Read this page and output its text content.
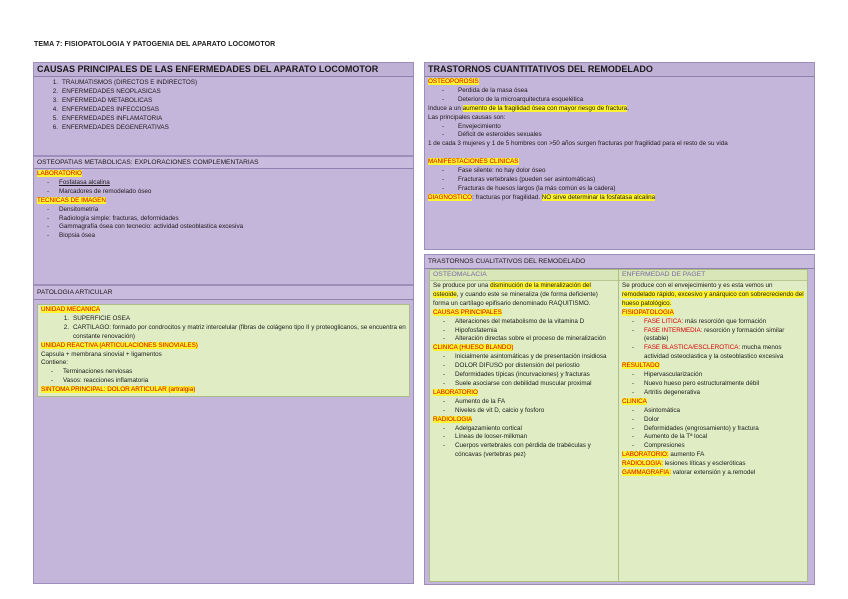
TEMA 7: FISIOPATOLOGIA Y PATOGENIA DEL APARATO LOCOMOTOR
CAUSAS PRINCIPALES DE LAS ENFERMEDADES DEL APARATO LOCOMOTOR
1. TRAUMATISMOS (DIRECTOS E INDIRECTOS)
2. ENFERMEDADES NEOPLASICAS
3. ENFERMEDAD METABOLICAS
4. ENFERMEDADES INFECCIOSAS
5. ENFERMEDADES INFLAMATORIA
6. ENFERMEDADES DEGENERATIVAS
OSTEOPATIAS METABOLICAS: EXPLORACIONES COMPLEMENTARIAS
LABORATORIO
-	Fosfatasa alcalina
-	Marcadores de remodelado óseo
TECNICAS DE IMAGEN
-	Densitometría
-	Radiología simple: fracturas, deformidades
-	Gammagrafía ósea con tecnecio: actividad osteoblastica excesiva
-	Biopsia ósea
PATOLOGIA ARTICULAR
UNIDAD MECANICA
1. SUPERFICIE OSEA
2. CARTILAGO: formado por condrocitos y matriz intercelular (fibras de colágeno tipo II y proteoglicanos, se encuentra en constante renovación)
UNIDAD REACTIVA (ARTICULACIONES SINOVIALES)
Capsula + membrana sinovial + ligamentos
Contiene:
-	Terminaciones nerviosas
-	Vasos: reacciones inflamatoria
SINTOMA PRINCIPAL: DOLOR ARTICULAR (artralgia)
TRASTORNOS CUANTITATIVOS DEL REMODELADO
OSTEOPOROSIS
-	Perdida de la masa ósea
-	Deterioro de la microarquitectura esquelética
Induce a un aumento de la fragilidad ósea con mayor riesgo de fractura.
Las principales causas son:
-	Envejecimiento
-	Déficit de esteroides sexuales
1 de cada 3 mujeres y 1 de 5 hombres con >50 años surgen fracturas por fragilidad para el resto de su vida
MANIFESTACIONES CLINICAS
-	Fase silente: no hay dolor óseo
-	Fracturas vertebrales (pueden ser asintomáticas)
-	Fracturas de huesos largos (la más común es la cadera)
DIAGNOSTICO: fracturas por fragilidad. NO sirve determinar la fosfatasa alcalina
TRASTORNOS CUALITATIVOS DEL REMODELADO
OSTEOMALACIA
Se produce por una disminución de la mineralización del osteoide, y cuando este se mineraliza (de forma deficiente) forma un cartílago epifisario denominado RAQUITISMO.
CAUSAS PRINCIPALES
-	Alteraciones del metabolismo de la vitamina D
-	Hipofosfatemia
-	Alteración directas sobre el proceso de mineralización
CLINICA (HUESO BLANDO)
-	Inicialmente asintomáticas y de presentación insidiosa
-	DOLOR DIFUSO por distensión del periostio
-	Deformidades típicas (incurvaciones) y fracturas
-	Suele asociarse con debilidad muscular proximal
LABORATORIO
-	Aumento de la FA
-	Niveles de vit D, calcio y fosforo
RADIOLOGIA
-	Adelgazamiento cortical
-	Líneas de looser-milkman
-	Cuerpos vertebrales con pérdida de trabéculas y cóncavas (vertebras pez)
ENFERMEDAD DE PAGET
Se produce con el envejecimiento y es esta vemos un remodelado rápido, excesivo y anárquico con sobrecreciendo del hueso patológico.
FISIOPATOLOGIA
-	FASE LITICA: más resorción que formación
-	FASE INTERMEDIA: resorción y formación similar (estable)
-	FASE BLASTICA/ESCLEROTICA: mucha menos actividad osteoclastica y la osteoblastico excesiva
RESULTADO
-	Hipervascularización
-	Nuevo hueso pero estructuralmente débil
-	Artritis degenerativa
CLINICA
-	Asintomática
-	Dolor
-	Deformidades (engrosamiento) y fractura
-	Aumento de la Tª local
-	Compresiones
LABORATORIO: aumento FA
RADIOLOGIA: lesiones líticas y escleróticas
GAMMAGRAFIA: valorar extensión y a.remodel
